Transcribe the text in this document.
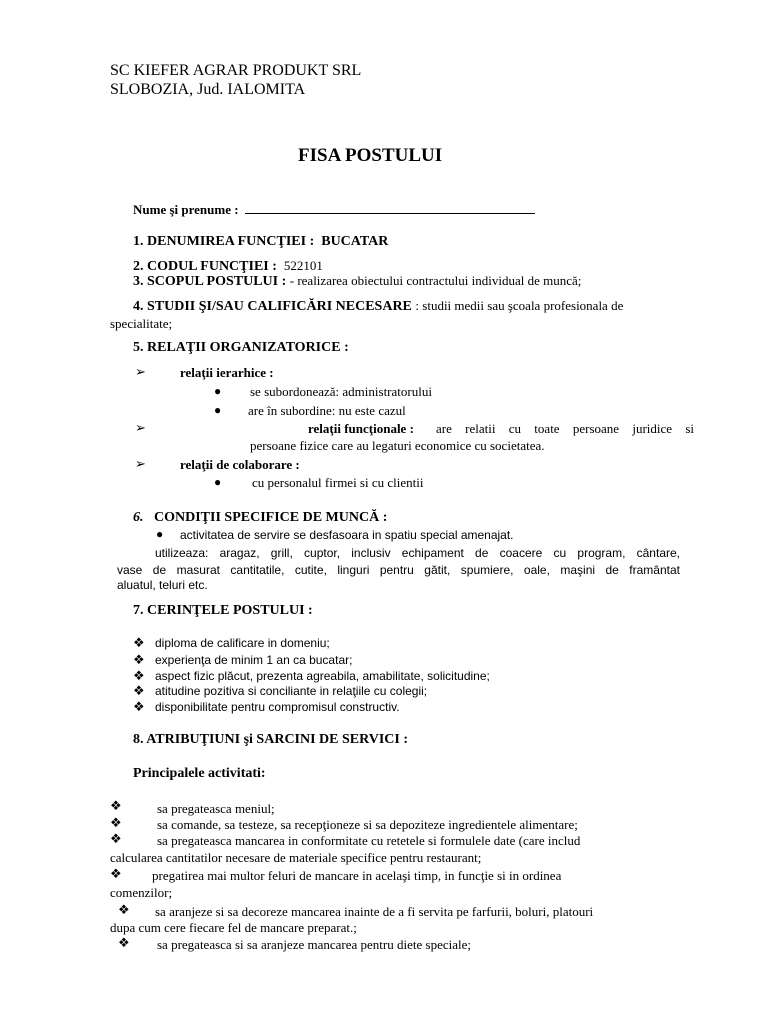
SC KIEFER AGRAR PRODUKT SRL
SLOBOZIA, Jud. IALOMITA
FISA POSTULUI
Nume şi prenume :
1. DENUMIREA FUNCŢIEI : BUCATAR
2. CODUL FUNCŢIEI : 522101
3. SCOPUL POSTULUI : - realizarea obiectului contractului individual de muncă;
4. STUDII ŞI/SAU CALIFICĂRI NECESARE : studii medii sau şcoala profesionala de
specialitate;
5. RELAŢII ORGANIZATORICE :
➢	relaţii ierarhice :
● se subordonează: administratorului
● are în subordine: nu este cazul
➢	relaţii funcţionale : are relatii cu toate persoane juridice si
persoane fizice care au legaturi economice cu societatea.
➢	relaţii de colaborare :
● cu personalul firmei si cu clientii
6. CONDIŢII SPECIFICE DE MUNCĂ :
● activitatea de servire se desfasoara in spatiu special amenajat.
utilizeaza: aragaz, grill, cuptor, inclusiv echipament de coacere cu program, cântare,
vase de masurat cantitatile, cutite, linguri pentru gătit, spumiere, oale, maşini de framântat
aluatul, teluri etc.
7. CERINŢELE POSTULUI :
❖ diploma de calificare in domeniu;
❖ experienţa de minim 1 an ca bucatar;
❖ aspect fizic plăcut, prezenta agreabila, amabilitate, solicitudine;
❖ atitudine pozitiva si conciliante in relaţiile cu colegii;
❖ disponibilitate pentru compromisul constructiv.
8. ATRIBUŢIUNI şi SARCINI DE SERVICI :
Principalele activitati:
❖	sa pregateasca meniul;
❖	sa comande, sa testeze, sa recepţioneze si sa depoziteze ingredientele alimentare;
❖	sa pregateasca mancarea in conformitate cu retetele si formulele date (care includ
calcularea cantitatilor necesare de materiale specifice pentru restaurant;
❖ pregatirea mai multor feluri de mancare in acelaşi timp, in funcţie si in ordinea
comenzilor;
❖ sa aranjeze si sa decoreze mancarea inainte de a fi servita pe farfurii, boluri, platouri
dupa cum cere fiecare fel de mancare preparat.;
❖ sa pregateasca si sa aranjeze mancarea pentru diete speciale;
